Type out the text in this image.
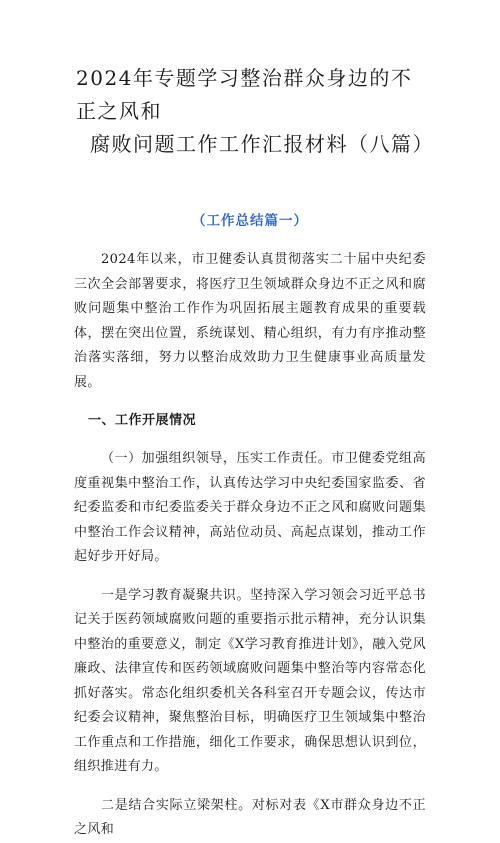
2024年专题学习整治群众身边的不正之风和
腐败问题工作工作汇报材料（八篇）
（工作总结篇一）

2024年以来，市卫健委认真贯彻落实二十届中央纪委三次全会部署要求，将医疗卫生领域群众身边不正之风和腐败问题集中整治工作作为巩固拓展主题教育成果的重要载体，摆在突出位置，系统谋划、精心组织，有力有序推动整治落实落细，努力以整治成效助力卫生健康事业高质量发展。

一、工作开展情况

（一）加强组织领导，压实工作责任。市卫健委党组高度重视集中整治工作，认真传达学习中央纪委国家监委、省纪委监委和市纪委监委关于群众身边不正之风和腐败问题集中整治工作会议精神，高站位动员、高起点谋划，推动工作起好步开好局。

一是学习教育凝聚共识。坚持深入学习领会习近平总书记关于医药领域腐败问题的重要指示批示精神，充分认识集中整治的重要意义，制定《X学习教育推进计划》，融入党风廉政、法律宣传和医药领域腐败问题集中整治等内容常态化抓好落实。常态化组织委机关各科室召开专题会议，传达市纪委会议精神，聚焦整治目标，明确医疗卫生领域集中整治工作重点和工作措施，细化工作要求，确保思想认识到位，组织推进有力。

二是结合实际立梁架柱。对标对表《X市群众身边不正之风和
